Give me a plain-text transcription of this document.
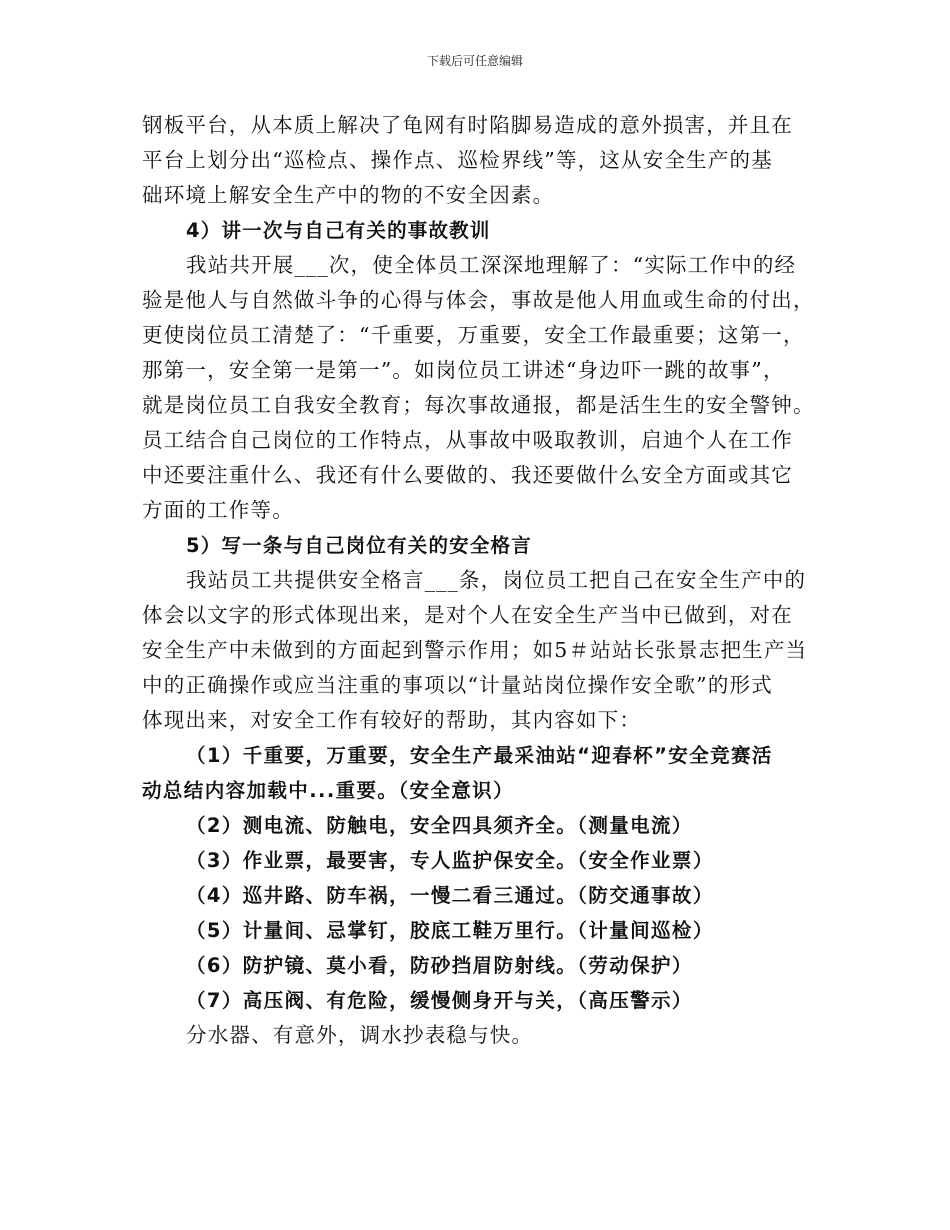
下载后可任意编辑
钢板平台，从本质上解决了龟网有时陷脚易造成的意外损害，并且在
平台上划分出“巡检点、操作点、巡检界线”等，这从安全生产的基
础环境上解安全生产中的物的不安全因素。
4）讲一次与自己有关的事故教训
我站共开展___次，使全体员工深深地理解了：“实际工作中的经
验是他人与自然做斗争的心得与体会，事故是他人用血或生命的付出，
更使岗位员工清楚了：“千重要，万重要，安全工作最重要；这第一，
那第一，安全第一是第一”。如岗位员工讲述“身边吓一跳的故事”，
就是岗位员工自我安全教育；每次事故通报，都是活生生的安全警钟。
员工结合自己岗位的工作特点，从事故中吸取教训，启迪个人在工作
中还要注重什么、我还有什么要做的、我还要做什么安全方面或其它
方面的工作等。
5）写一条与自己岗位有关的安全格言
我站员工共提供安全格言___条，岗位员工把自己在安全生产中的
体会以文字的形式体现出来，是对个人在安全生产当中已做到，对在
安全生产中未做到的方面起到警示作用；如5＃站站长张景志把生产当
中的正确操作或应当注重的事项以“计量站岗位操作安全歌”的形式
体现出来，对安全工作有较好的帮助，其内容如下：
（1）千重要，万重要，安全生产最采油站“迎春杯”安全竞赛活
动总结内容加载中...重要。（安全意识）
（2）测电流、防触电，安全四具须齐全。（测量电流）
（3）作业票，最要害，专人监护保安全。（安全作业票）
（4）巡井路、防车祸，一慢二看三通过。（防交通事故）
（5）计量间、忌掌钉，胶底工鞋万里行。（计量间巡检）
（6）防护镜、莫小看，防砂挡眉防射线。（劳动保护）
（7）高压阀、有危险，缓慢侧身开与关，（高压警示）
分水器、有意外，调水抄表稳与快。
